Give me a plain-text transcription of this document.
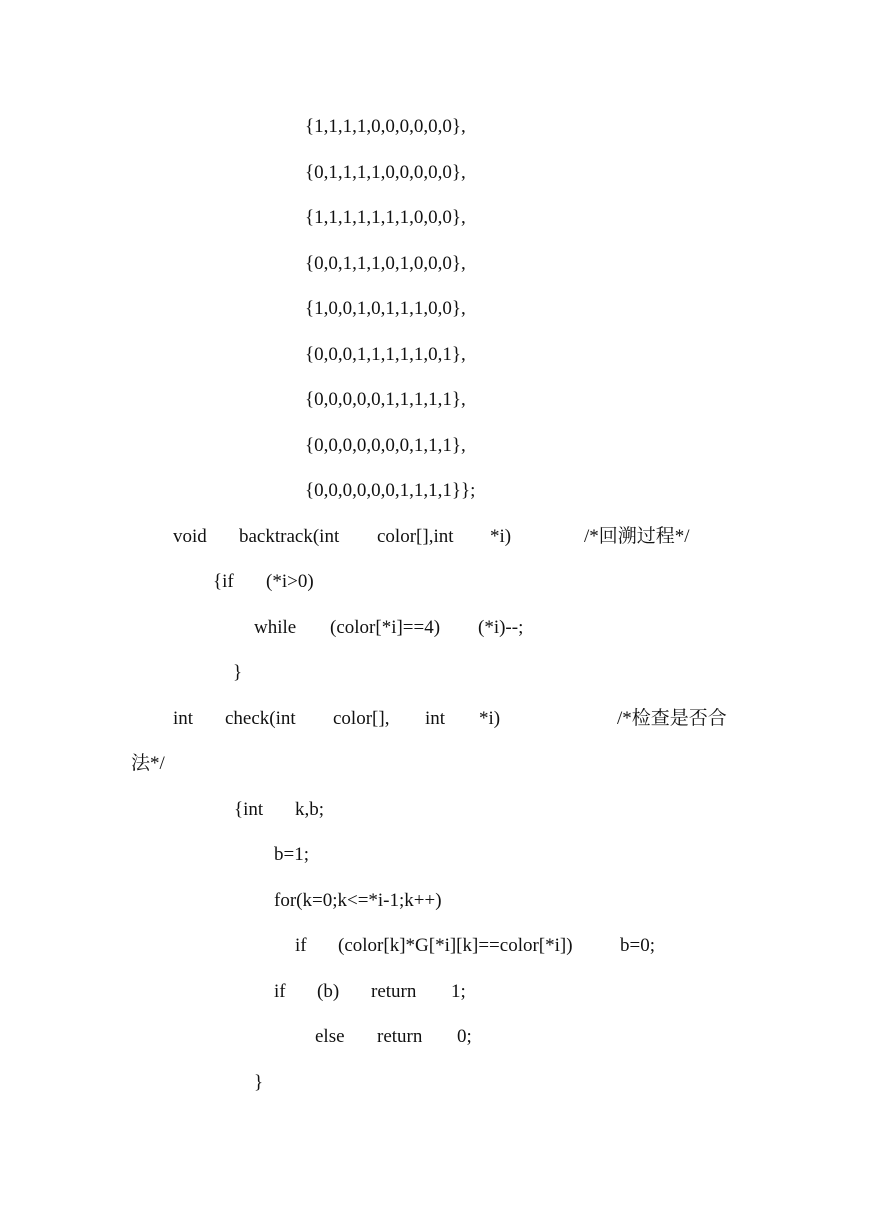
{1,1,1,1,0,0,0,0,0,0},
{0,1,1,1,1,0,0,0,0,0},
{1,1,1,1,1,1,1,0,0,0},
{0,0,1,1,1,0,1,0,0,0},
{1,0,0,1,0,1,1,1,0,0},
{0,0,0,1,1,1,1,1,0,1},
{0,0,0,0,0,1,1,1,1,1},
{0,0,0,0,0,0,0,1,1,1},
{0,0,0,0,0,0,1,1,1,1}};

void

backtrack(int

color[],int

*i)

	/*回溯过程*/

{if

(*i>0)

while

(color[*i]==4)

(*i)--;

}

int

check(int

color[],

int

*i)

	/*检查是否合

法*/

{int

k,b;

b=1;
for(k=0;k<=*i-1;k++)

if

(color[k]*G[*i][k]==color[*i])

b=0;

if

(b)

return

1;

else

return

0;

}
